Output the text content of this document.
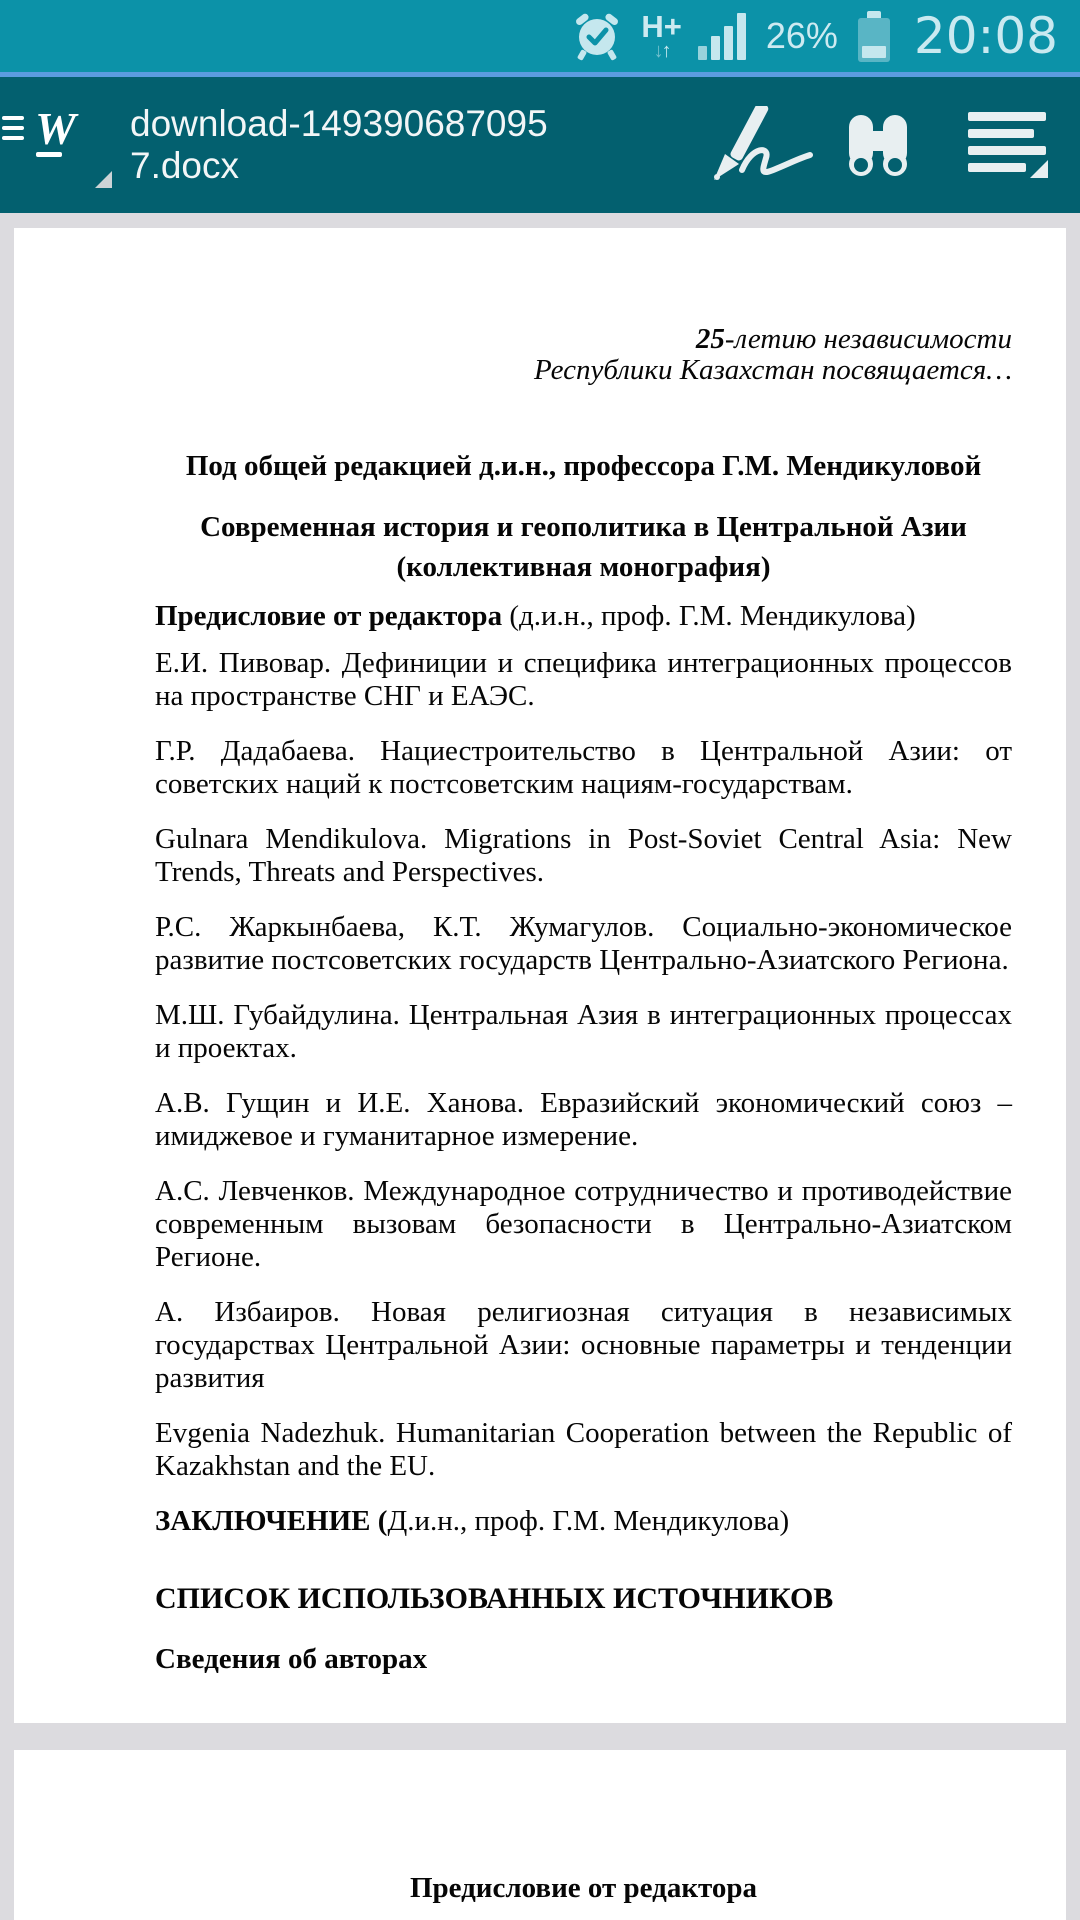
H+
↓↑	26% 20:08
download-149390687095
7.docx
25-летию независимости
Республики Казахстан посвящается…
Под общей редакцией д.и.н., профессора Г.М. Мендикуловой
Современная история и геополитика в Центральной Азии
(коллективная монография)
Предисловие от редактора (д.и.н., проф. Г.М. Мендикулова)

Е.И. Пивовар. Дефиниции и специфика интеграционных процессов на пространстве СНГ и ЕАЭС.

Г.Р. Дадабаева. Нациестроительство в Центральной Азии: от советских наций к постсоветским нациям-государствам.

Gulnara Mendikulova. Migrations in Post-Soviet Central Asia: New Trends, Threats and Perspectives.

Р.С. Жаркынбаева, К.Т. Жумагулов. Социально-экономическое развитие постсоветских государств Центрально-Азиатского Региона.

М.Ш. Губайдулина. Центральная Азия в интеграционных процессах и проектах.

А.В. Гущин и И.Е. Ханова. Евразийский экономический союз – имиджевое и гуманитарное измерение.

А.С. Левченков. Международное сотрудничество и противодействие современным вызовам безопасности в Центрально-Азиатском Регионе.

А. Избаиров. Новая религиозная ситуация в независимых государствах Центральной Азии: основные параметры и тенденции развития

Evgenia Nadezhuk. Humanitarian Cooperation between the Republic of Kazakhstan and the EU.

ЗАКЛЮЧЕНИЕ (Д.и.н., проф. Г.М. Мендикулова)
СПИСОК ИСПОЛЬЗОВАННЫХ ИСТОЧНИКОВ
Сведения об авторах
Предисловие от редактора
